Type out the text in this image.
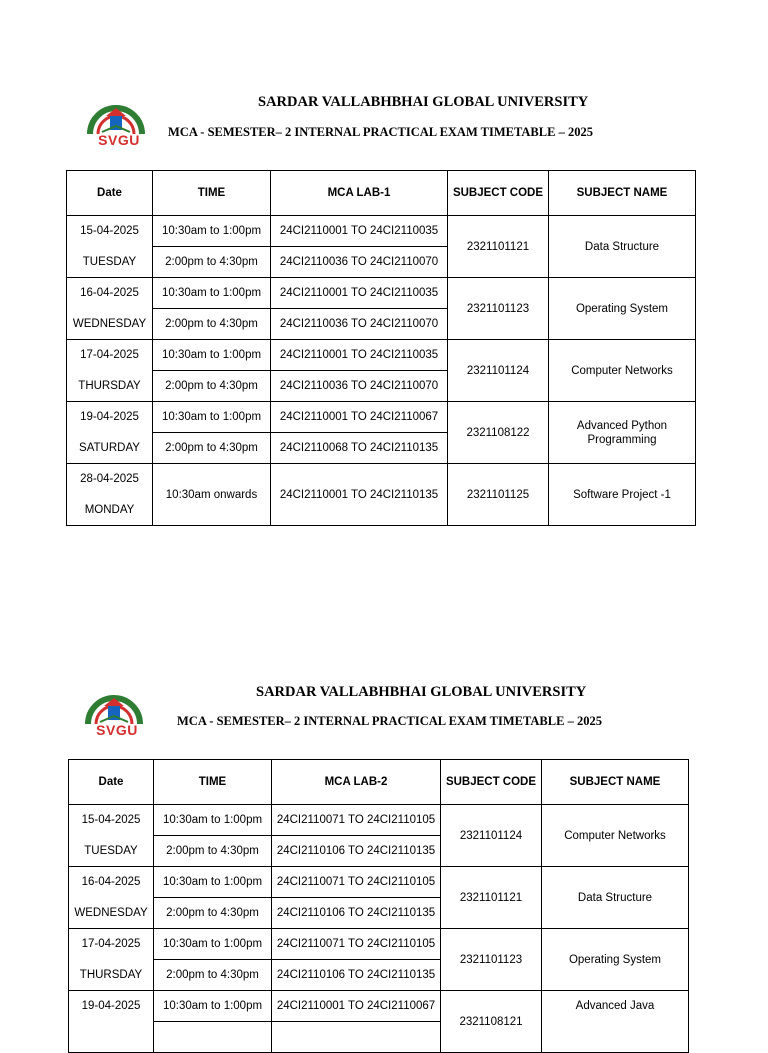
SVGU
SARDAR VALLABHBHAI GLOBAL UNIVERSITY
MCA - SEMESTER– 2 INTERNAL PRACTICAL EXAM TIMETABLE – 2025
Date	TIME	MCA LAB-1	SUBJECT CODE	SUBJECT NAME
15-04-2025	10:30am to 1:00pm	24CI2110001 TO 24CI2110035	2321101121	Data Structure
TUESDAY	2:00pm to 4:30pm	24CI2110036 TO 24CI2110070		
16-04-2025	10:30am to 1:00pm	24CI2110001 TO 24CI2110035	2321101123	Operating System
WEDNESDAY	2:00pm to 4:30pm	24CI2110036 TO 24CI2110070		
17-04-2025	10:30am to 1:00pm	24CI2110001 TO 24CI2110035	2321101124	Computer Networks
THURSDAY	2:00pm to 4:30pm	24CI2110036 TO 24CI2110070		
19-04-2025	10:30am to 1:00pm	24CI2110001 TO 24CI2110067	2321108122	Advanced Python Programming
SATURDAY	2:00pm to 4:30pm	24CI2110068 TO 24CI2110135		
28-04-2025	10:30am onwards	24CI2110001 TO 24CI2110135	2321101125	Software Project -1
MONDAY				
SVGU
SARDAR VALLABHBHAI GLOBAL UNIVERSITY
MCA - SEMESTER– 2 INTERNAL PRACTICAL EXAM TIMETABLE – 2025
Date	TIME	MCA LAB-2	SUBJECT CODE	SUBJECT NAME
15-04-2025	10:30am to 1:00pm	24CI2110071 TO 24CI2110105	2321101124	Computer Networks
TUESDAY	2:00pm to 4:30pm	24CI2110106 TO 24CI2110135		
16-04-2025	10:30am to 1:00pm	24CI2110071 TO 24CI2110105	2321101121	Data Structure
WEDNESDAY	2:00pm to 4:30pm	24CI2110106 TO 24CI2110135		
17-04-2025	10:30am to 1:00pm	24CI2110071 TO 24CI2110105	2321101123	Operating System
THURSDAY	2:00pm to 4:30pm	24CI2110106 TO 24CI2110135		
19-04-2025	10:30am to 1:00pm	24CI2110001 TO 24CI2110067	2321108121	Advanced Java
